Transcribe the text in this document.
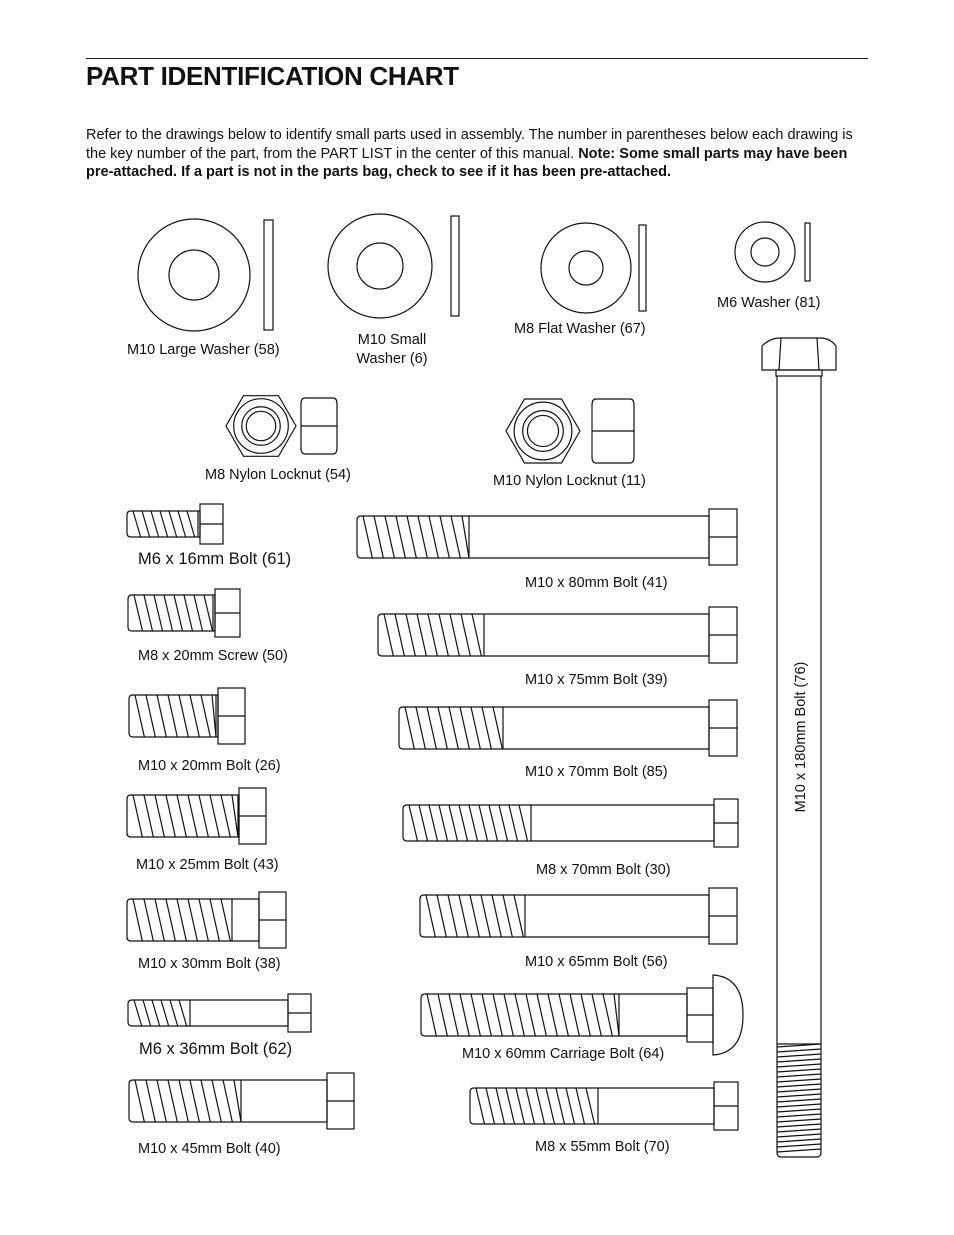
PART IDENTIFICATION CHART

Refer to the drawings below to identify small parts used in assembly. The number in parentheses below each drawing is the key number of the part, from the PART LIST in the center of this manual. Note: Some small parts may have been pre-attached. If a part is not in the parts bag, check to see if it has been pre-attached.

M10 Large Washer (58)
M10 Small Washer (6)
M8 Flat Washer (67)
M6 Washer (81)
M8 Nylon Locknut (54)	M10 Nylon Locknut (11)
M6 x 16mm Bolt (61)
M8 x 20mm Screw (50)
M10 x 20mm Bolt (26)
M10 x 25mm Bolt (43)
M10 x 30mm Bolt (38)
M6 x 36mm Bolt (62)
M10 x 45mm Bolt (40)
M10 x 80mm Bolt (41)
M10 x 75mm Bolt (39)
M10 x 70mm Bolt (85)
M8 x 70mm Bolt (30)
M10 x 65mm Bolt (56)
M10 x 60mm Carriage Bolt (64)
M8 x 55mm Bolt (70)
M10 x 180mm Bolt (76)
